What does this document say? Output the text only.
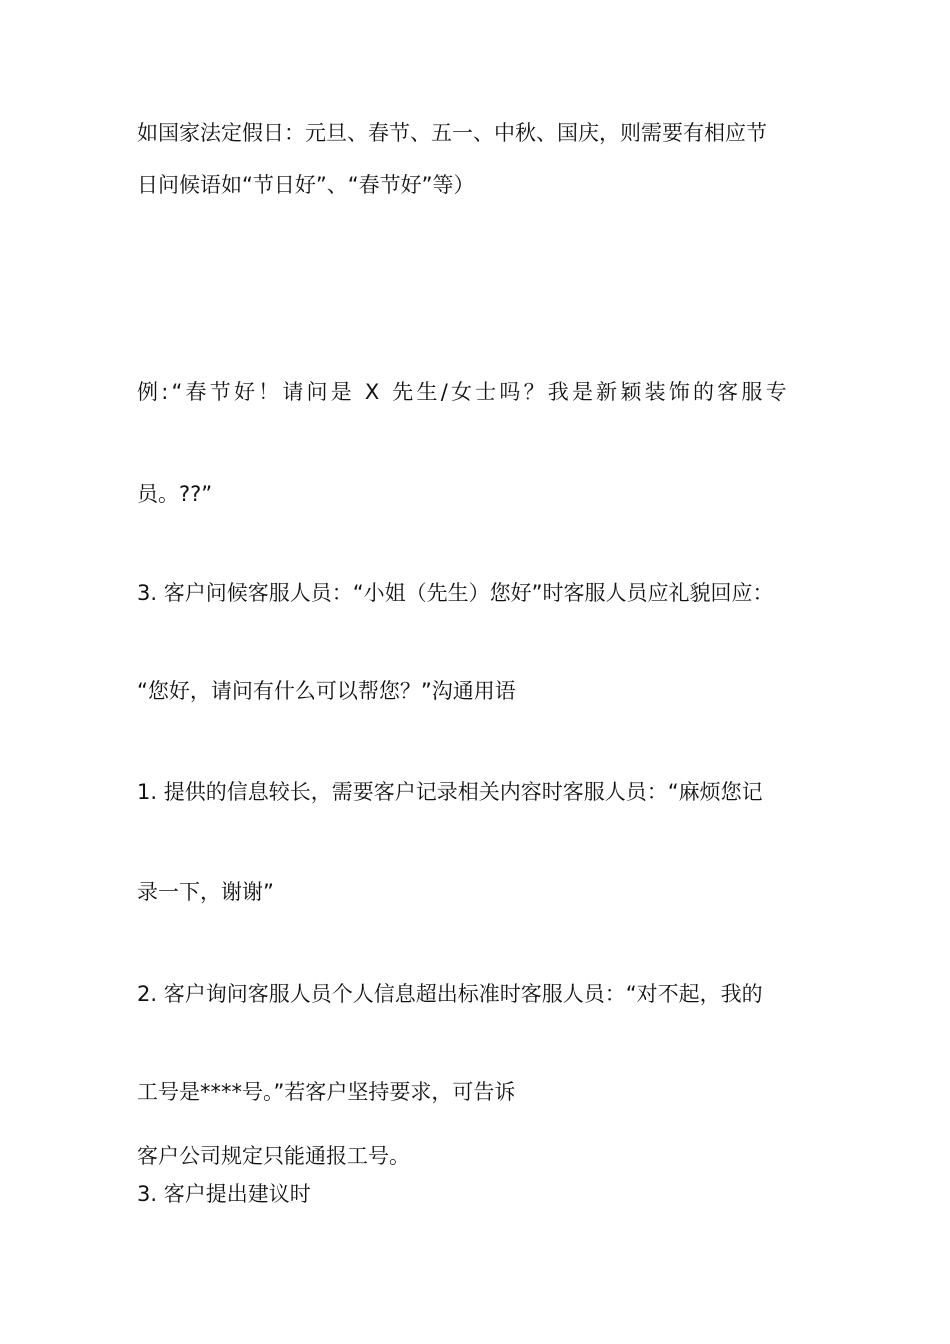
如国家法定假日：元旦、春节、五一、中秋、国庆，则需要有相应节
日问候语如“节日好”、“春节好”等）
例:“春节好！请问是 X 先生/女士吗？我是新颖装饰的客服专
员。??”
3. 客户问候客服人员：“小姐（先生）您好”时客服人员应礼貌回应：
“您好，请问有什么可以帮您？”沟通用语
1. 提供的信息较长，需要客户记录相关内容时客服人员：“麻烦您记
录一下，谢谢”
2. 客户询问客服人员个人信息超出标准时客服人员：“对不起，我的
工号是****号。”若客户坚持要求，可告诉
客户公司规定只能通报工号。
3. 客户提出建议时
